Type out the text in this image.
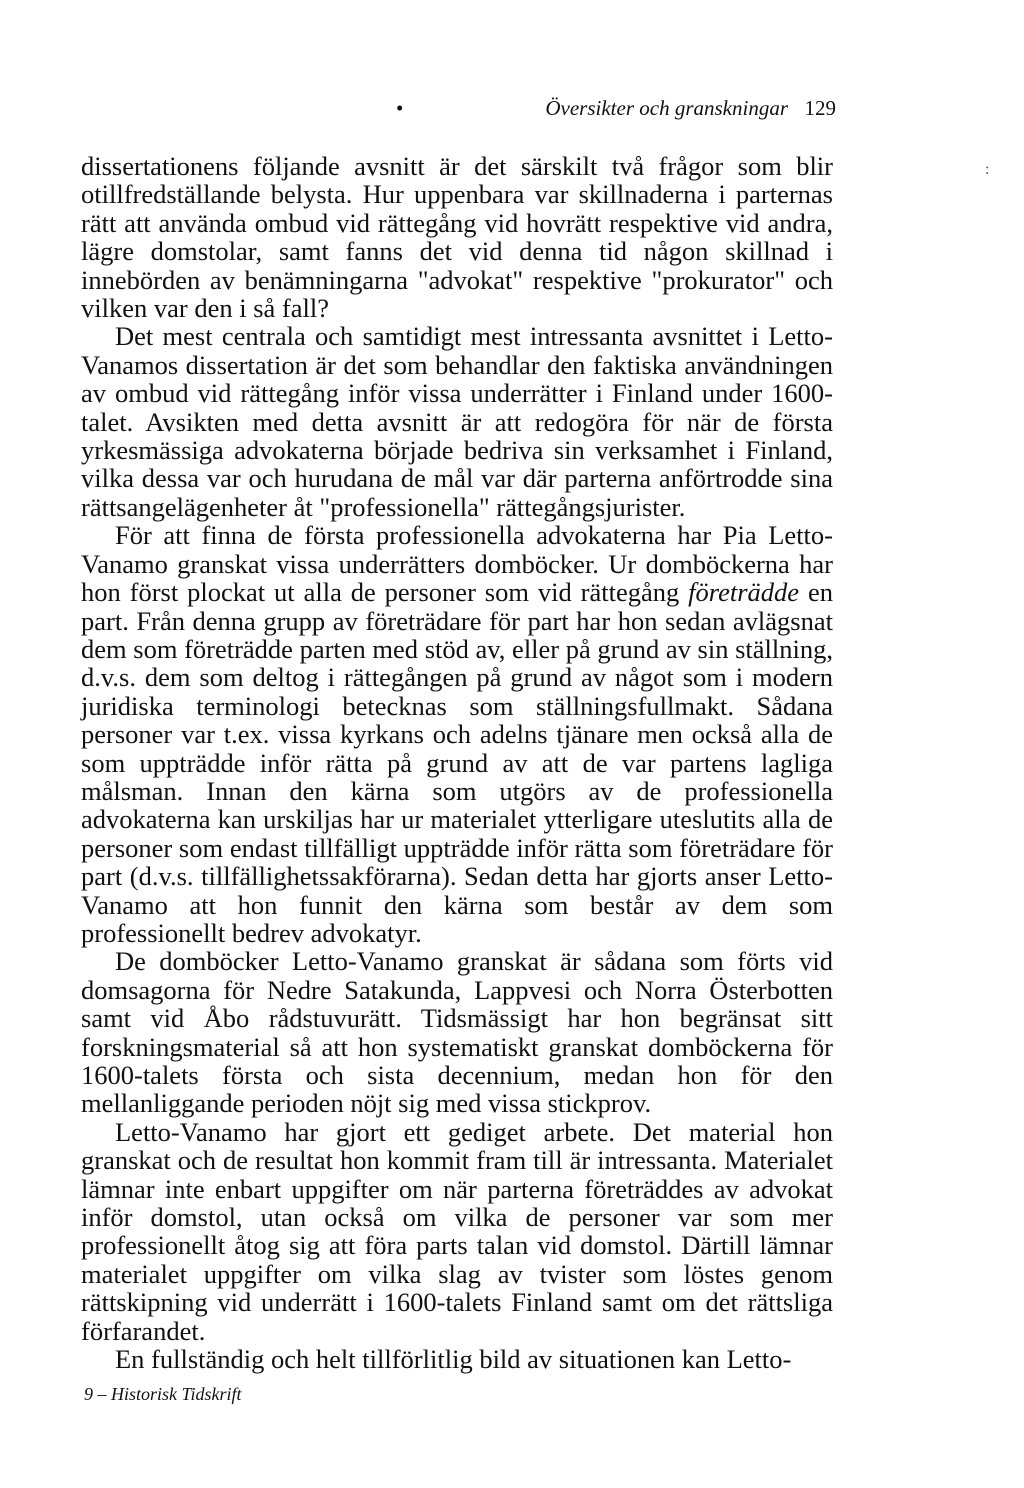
•	Översikter och granskningar 129
:

dissertationens följande avsnitt är det särskilt två frågor som blir otillfredställande belysta. Hur uppenbara var skillnaderna i parternas rätt att använda ombud vid rättegång vid hovrätt respektive vid andra, lägre domstolar, samt fanns det vid denna tid någon skillnad i innebörden av benämningarna "advokat" respektive "prokurator" och vilken var den i så fall?

Det mest centrala och samtidigt mest intressanta avsnittet i Letto-Vanamos dissertation är det som behandlar den faktiska användningen av ombud vid rättegång inför vissa underrätter i Finland under 1600-talet. Avsikten med detta avsnitt är att redogöra för när de första yrkesmässiga advokaterna började bedriva sin verksamhet i Finland, vilka dessa var och hurudana de mål var där parterna anförtrodde sina rättsangelägenheter åt "professionella" rättegångsjurister.

För att finna de första professionella advokaterna har Pia Letto-Vanamo granskat vissa underrätters domböcker. Ur domböckerna har hon först plockat ut alla de personer som vid rättegång företrädde en part. Från denna grupp av företrädare för part har hon sedan avlägsnat dem som företrädde parten med stöd av, eller på grund av sin ställning, d.v.s. dem som deltog i rättegången på grund av något som i modern juridiska terminologi betecknas som ställningsfullmakt. Sådana personer var t.ex. vissa kyrkans och adelns tjänare men också alla de som uppträdde inför rätta på grund av att de var partens lagliga målsman. Innan den kärna som utgörs av de professionella advokaterna kan urskiljas har ur materialet ytterligare uteslutits alla de personer som endast tillfälligt uppträdde inför rätta som företrädare för part (d.v.s. tillfällighetssakförarna). Sedan detta har gjorts anser Letto-Vanamo att hon funnit den kärna som består av dem som professionellt bedrev advokatyr.

De domböcker Letto-Vanamo granskat är sådana som förts vid domsagorna för Nedre Satakunda, Lappvesi och Norra Österbotten samt vid Åbo rådstuvurätt. Tidsmässigt har hon begränsat sitt forskningsmaterial så att hon systematiskt granskat domböckerna för 1600-talets första och sista decennium, medan hon för den mellanliggande perioden nöjt sig med vissa stickprov.

Letto-Vanamo har gjort ett gediget arbete. Det material hon granskat och de resultat hon kommit fram till är intressanta. Materialet lämnar inte enbart uppgifter om när parterna företräddes av advokat inför domstol, utan också om vilka de personer var som mer professionellt åtog sig att föra parts talan vid domstol. Därtill lämnar materialet uppgifter om vilka slag av tvister som löstes genom rättskipning vid underrätt i 1600-talets Finland samt om det rättsliga förfarandet.

En fullständig och helt tillförlitlig bild av situationen kan Letto-

9 – Historisk Tidskrift
